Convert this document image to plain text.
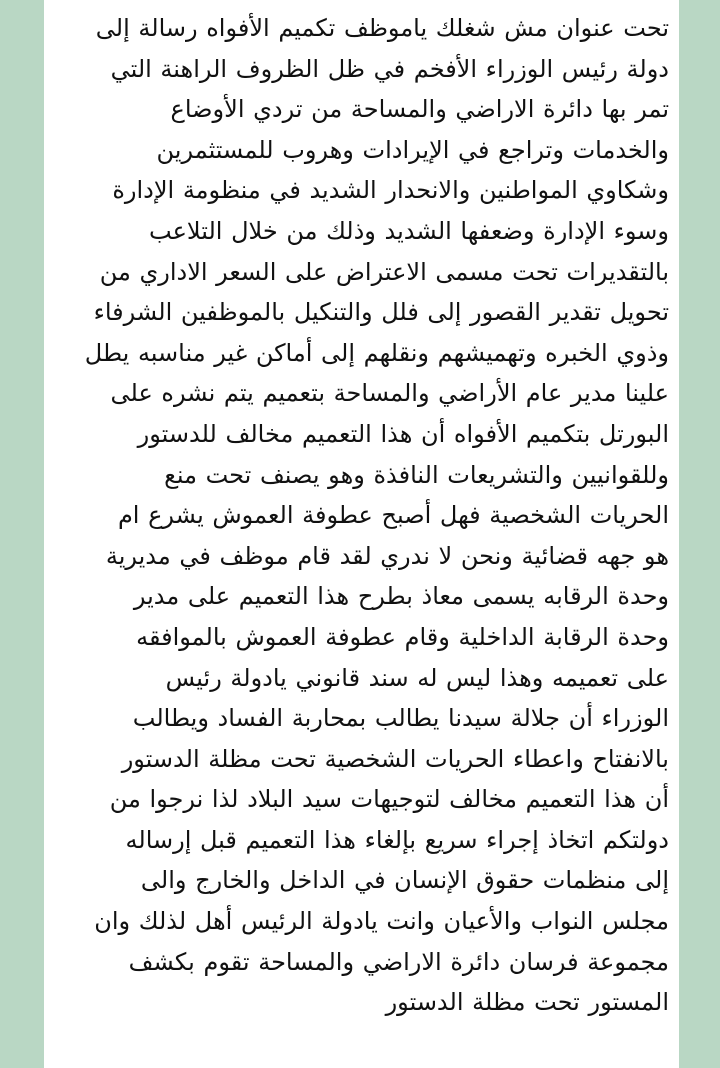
تحت عنوان مش شغلك ياموظف تكميم الأفواه رسالة إلى
دولة رئيس الوزراء الأفخم في ظل الظروف الراهنة التي
تمر بها دائرة الاراضي والمساحة من تردي الأوضاع
والخدمات وتراجع في الإيرادات وهروب للمستثمرين
وشكاوي المواطنين والانحدار الشديد في منظومة الإدارة
وسوء الإدارة وضعفها الشديد وذلك من خلال التلاعب
بالتقديرات تحت مسمى الاعتراض على السعر الاداري من
تحويل تقدير القصور إلى فلل والتنكيل بالموظفين الشرفاء
وذوي الخبره وتهميشهم ونقلهم إلى أماكن غير مناسبه يطل
علينا مدير عام الأراضي والمساحة بتعميم يتم نشره على
البورتل بتكميم الأفواه أن هذا التعميم مخالف للدستور
وللقوانيين والتشريعات النافذة وهو يصنف تحت منع
الحريات الشخصية فهل أصبح عطوفة العموش يشرع ام
هو جهه قضائية ونحن لا ندري لقد قام موظف في مديرية
وحدة الرقابه يسمى معاذ بطرح هذا التعميم على مدير
وحدة الرقابة الداخلية وقام عطوفة العموش بالموافقه
على تعميمه وهذا ليس له سند قانوني يادولة رئيس
الوزراء أن جلالة سيدنا يطالب بمحاربة الفساد ويطالب
بالانفتاح واعطاء الحريات الشخصية تحت مظلة الدستور
أن هذا التعميم مخالف لتوجيهات سيد البلاد لذا نرجوا من
دولتكم اتخاذ إجراء سريع بإلغاء هذا التعميم قبل إرساله
إلى منظمات حقوق الإنسان في الداخل والخارج والى
مجلس النواب والأعيان وانت يادولة الرئيس أهل لذلك وان
مجموعة فرسان دائرة الاراضي والمساحة تقوم بكشف
المستور تحت مظلة الدستور
